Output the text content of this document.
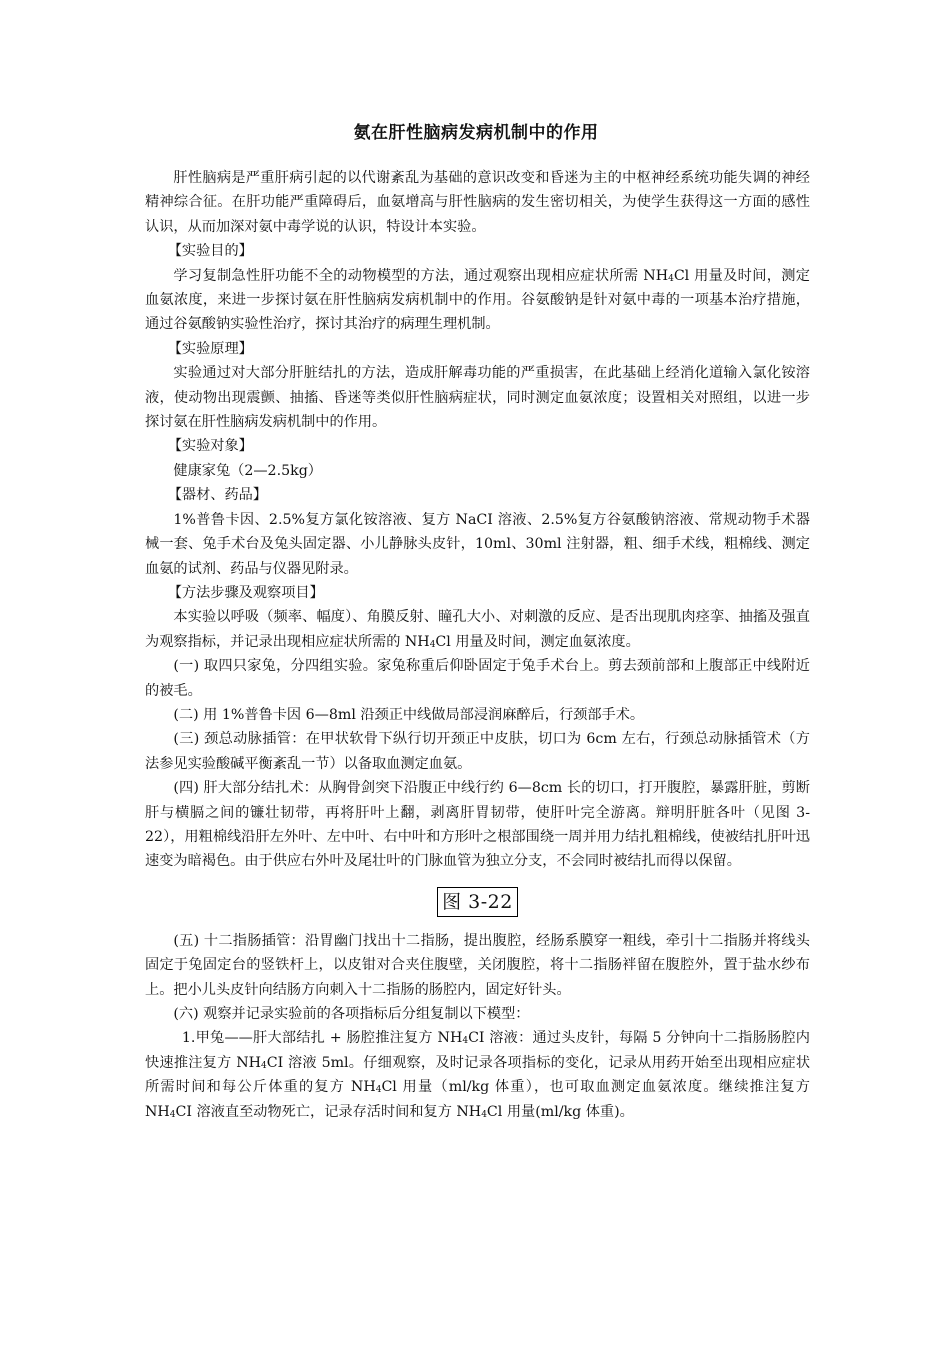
氨在肝性脑病发病机制中的作用

肝性脑病是严重肝病引起的以代谢紊乱为基础的意识改变和昏迷为主的中枢神经系统功能失调的神经精神综合征。在肝功能严重障碍后，血氨增高与肝性脑病的发生密切相关，为使学生获得这一方面的感性认识，从而加深对氨中毒学说的认识，特设计本实验。

【实验目的】

学习复制急性肝功能不全的动物模型的方法，通过观察出现相应症状所需 $NH_4Cl$ 用量及时间，测定血氨浓度，来进一步探讨氨在肝性脑病发病机制中的作用。谷氨酸钠是针对氨中毒的一项基本治疗措施，通过谷氨酸钠实验性治疗，探讨其治疗的病理生理机制。

【实验原理】

实验通过对大部分肝脏结扎的方法，造成肝解毒功能的严重损害，在此基础上经消化道输入氯化铵溶液，使动物出现震颤、抽搐、昏迷等类似肝性脑病症状，同时测定血氨浓度；设置相关对照组，以进一步探讨氨在肝性脑病发病机制中的作用。

【实验对象】

健康家兔（2—2.5kg）

【器材、药品】

1%普鲁卡因、2.5%复方氯化铵溶液、复方 NaCI 溶液、2.5%复方谷氨酸钠溶液、常规动物手术器械一套、兔手术台及兔头固定器、小儿静脉头皮针，10ml、30ml 注射器，粗、细手术线，粗棉线、测定血氨的试剂、药品与仪器见附录。

【方法步骤及观察项目】

本实验以呼吸（频率、幅度）、角膜反射、瞳孔大小、对刺激的反应、是否出现肌肉痉挛、抽搐及强直为观察指标，并记录出现相应症状所需的 $NH_4Cl$ 用量及时间，测定血氨浓度。

(一) 取四只家兔，分四组实验。家兔称重后仰卧固定于兔手术台上。剪去颈前部和上腹部正中线附近的被毛。

(二) 用 1%普鲁卡因 6—8ml 沿颈正中线做局部浸润麻醉后，行颈部手术。

(三) 颈总动脉插管：在甲状软骨下纵行切开颈正中皮肤，切口为 6cm 左右，行颈总动脉插管术（方法参见实验酸碱平衡紊乱一节）以备取血测定血氨。

(四) 肝大部分结扎术：从胸骨剑突下沿腹正中线行约 6—8cm 长的切口，打开腹腔，暴露肝脏，剪断肝与横膈之间的镰壮韧带，再将肝叶上翻，剥离肝胃韧带，使肝叶完全游离。辩明肝脏各叶（见图 3-22），用粗棉线沿肝左外叶、左中叶、右中叶和方形叶之根部围绕一周并用力结扎粗棉线，使被结扎肝叶迅速变为暗褐色。由于供应右外叶及尾壮叶的门脉血管为独立分支，不会同时被结扎而得以保留。

图 3-22

(五) 十二指肠插管：沿胃幽门找出十二指肠，提出腹腔，经肠系膜穿一粗线，牵引十二指肠并将线头固定于兔固定台的竖铁杆上，以皮钳对合夹住腹壁，关闭腹腔，将十二指肠袢留在腹腔外，置于盐水纱布上。把小儿头皮针向结肠方向刺入十二指肠的肠腔内，固定好针头。

(六) 观察并记录实验前的各项指标后分组复制以下模型：

1.甲兔——肝大部结扎 + 肠腔推注复方 $NH_4CI$ 溶液：通过头皮针，每隔 5 分钟向十二指肠肠腔内快速推注复方 $NH_4CI$ 溶液 5ml。仔细观察，及时记录各项指标的变化，记录从用药开始至出现相应症状所需时间和每公斤体重的复方 $NH_4Cl$ 用量（ml/kg 体重），也可取血测定血氨浓度。继续推注复方 $NH_4CI$ 溶液直至动物死亡，记录存活时间和复方 $NH_4Cl$ 用量(ml/kg 体重)。
